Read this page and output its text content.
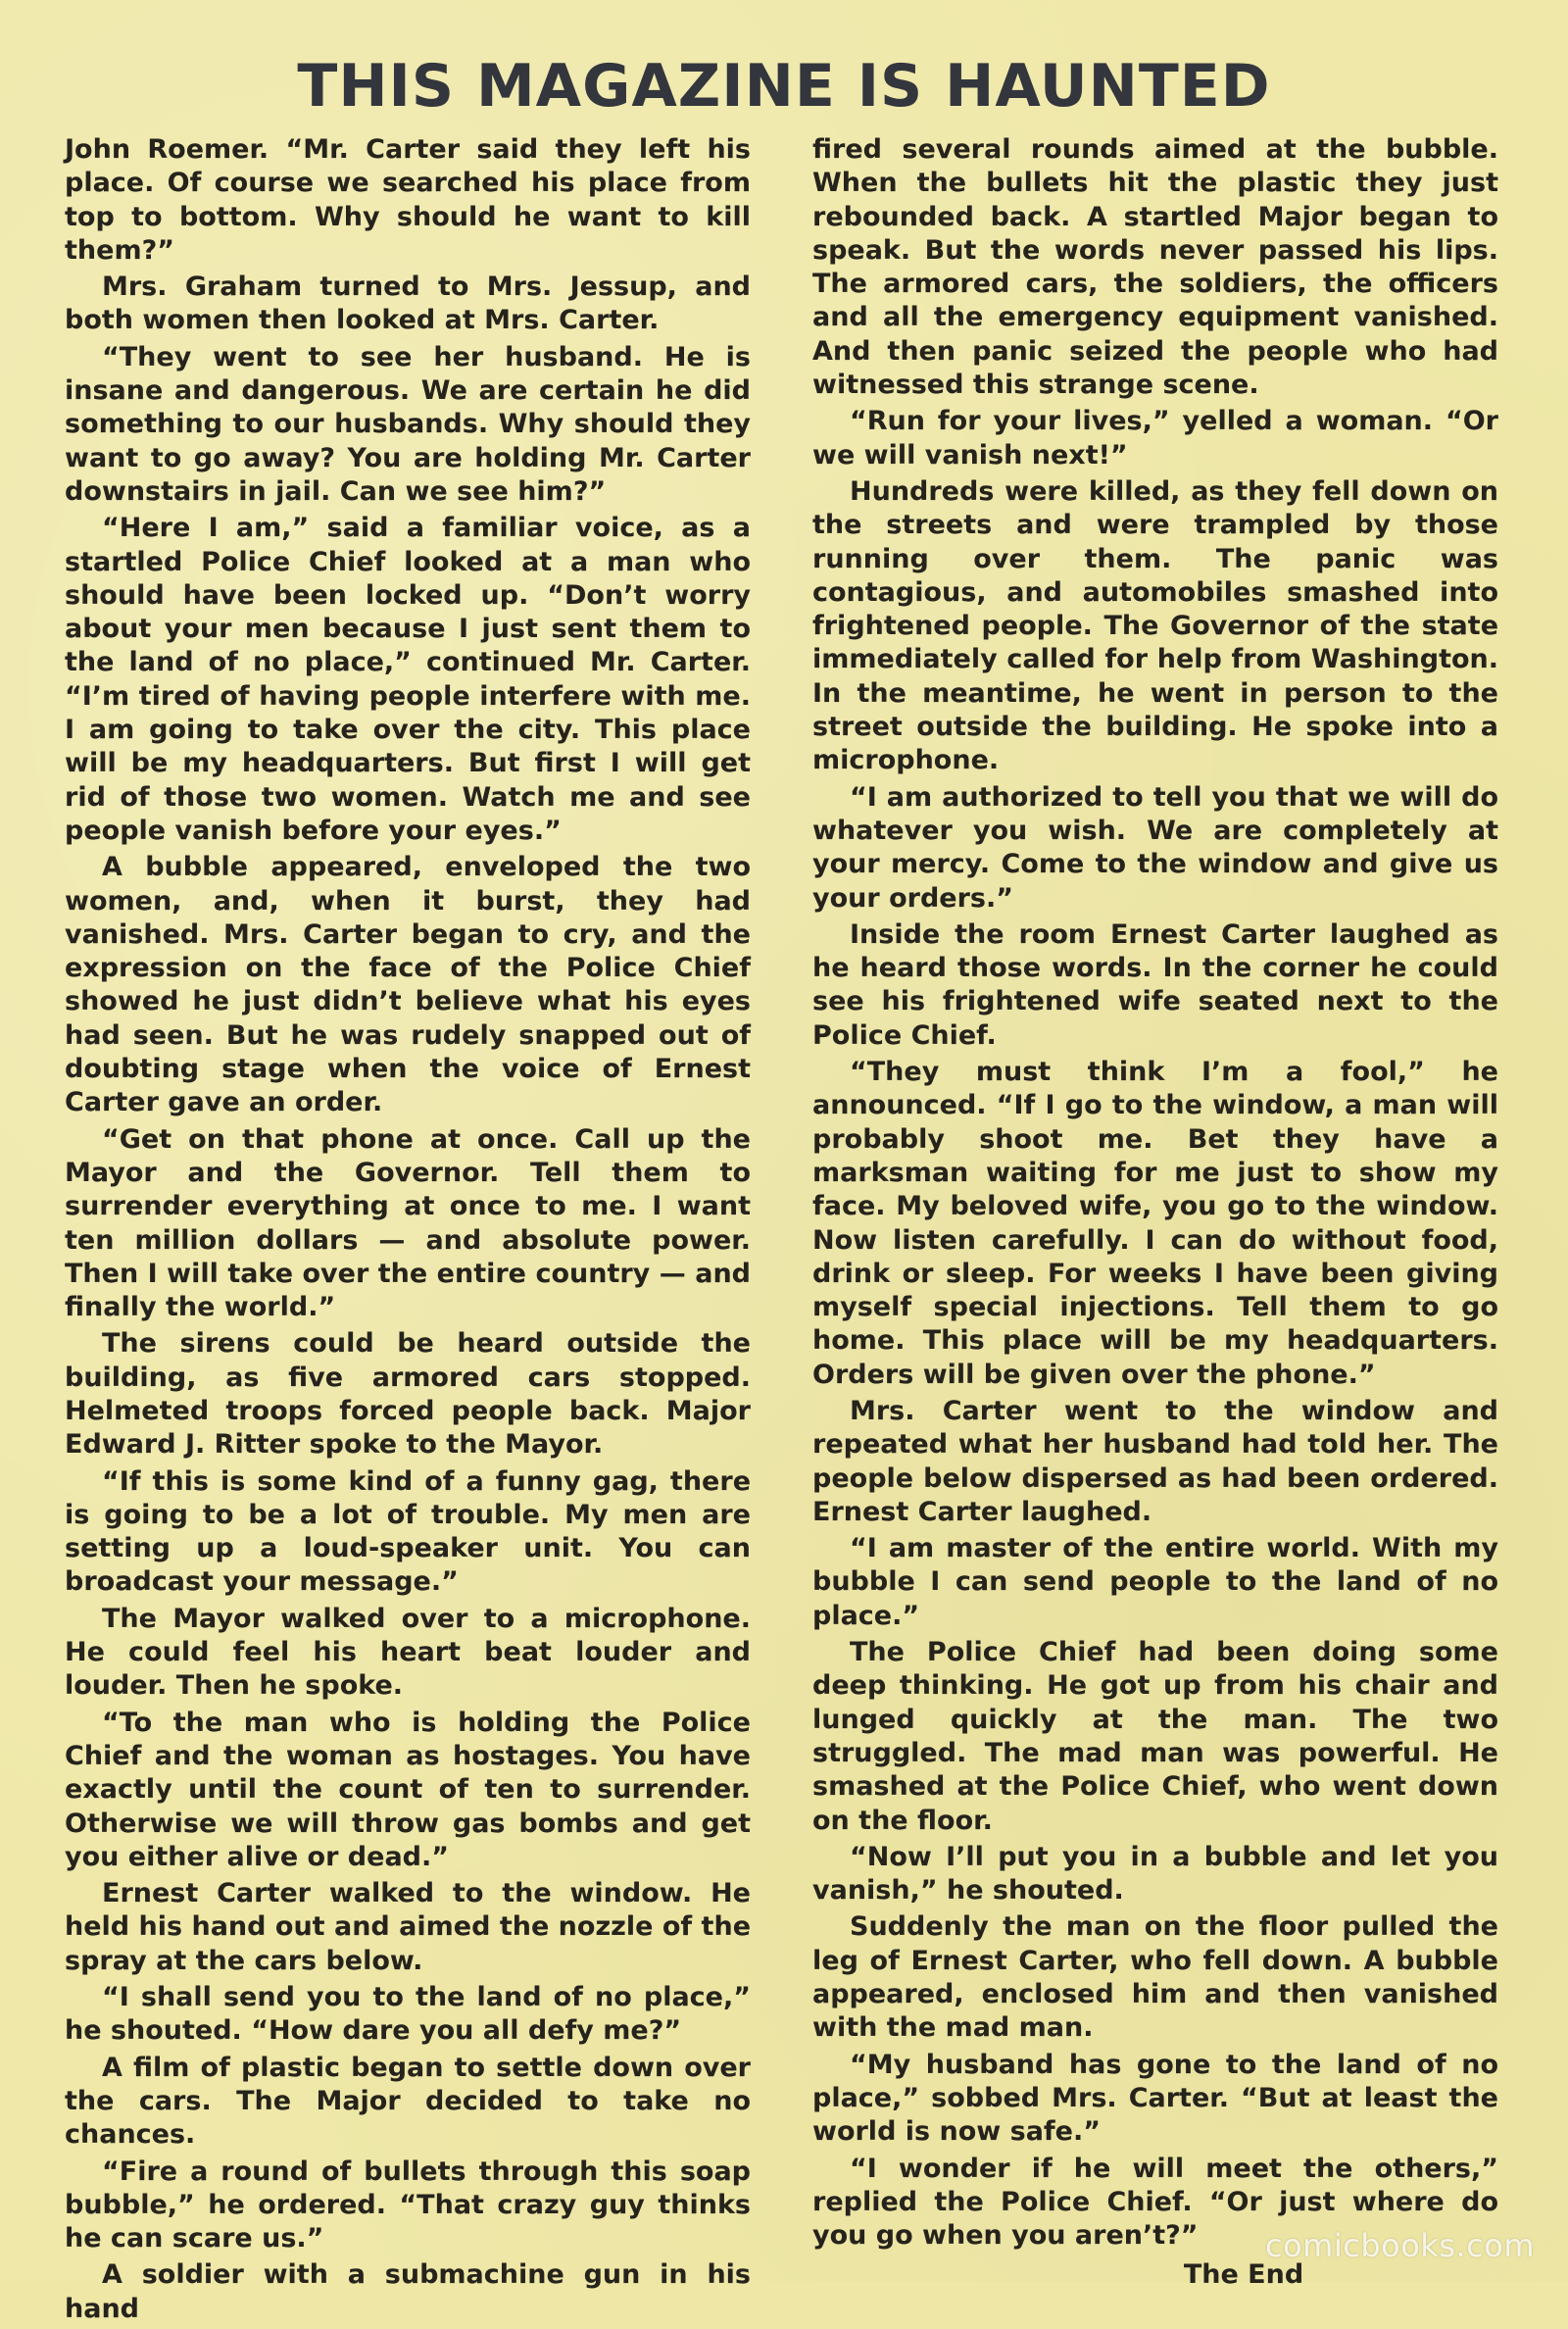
THIS MAGAZINE IS HAUNTED

John Roemer. “Mr. Carter said they left his place. Of course we searched his place from top to bottom. Why should he want to kill them?”

Mrs. Graham turned to Mrs. Jessup, and both women then looked at Mrs. Carter.

“They went to see her husband. He is insane and dangerous. We are certain he did something to our husbands. Why should they want to go away? You are holding Mr. Carter downstairs in jail. Can we see him?”

“Here I am,” said a familiar voice, as a startled Police Chief looked at a man who should have been locked up. “Don’t worry about your men because I just sent them to the land of no place,” continued Mr. Carter. “I’m tired of having people interfere with me. I am going to take over the city. This place will be my headquarters. But first I will get rid of those two women. Watch me and see people vanish before your eyes.”

A bubble appeared, enveloped the two women, and, when it burst, they had vanished. Mrs. Carter began to cry, and the expression on the face of the Police Chief showed he just didn’t believe what his eyes had seen. But he was rudely snapped out of doubting stage when the voice of Ernest Carter gave an order.

“Get on that phone at once. Call up the Mayor and the Governor. Tell them to surrender everything at once to me. I want ten million dollars — and absolute power. Then I will take over the entire country — and finally the world.”

The sirens could be heard outside the building, as five armored cars stopped. Helmeted troops forced people back. Major Edward J. Ritter spoke to the Mayor.

“If this is some kind of a funny gag, there is going to be a lot of trouble. My men are setting up a loud-speaker unit. You can broadcast your message.”

The Mayor walked over to a microphone. He could feel his heart beat louder and louder. Then he spoke.

“To the man who is holding the Police Chief and the woman as hostages. You have exactly until the count of ten to surrender. Otherwise we will throw gas bombs and get you either alive or dead.”

Ernest Carter walked to the window. He held his hand out and aimed the nozzle of the spray at the cars below.

“I shall send you to the land of no place,” he shouted. “How dare you all defy me?”

A film of plastic began to settle down over the cars. The Major decided to take no chances.

“Fire a round of bullets through this soap bubble,” he ordered. “That crazy guy thinks he can scare us.”

A soldier with a submachine gun in his hand

fired several rounds aimed at the bubble. When the bullets hit the plastic they just rebounded back. A startled Major began to speak. But the words never passed his lips. The armored cars, the soldiers, the officers and all the emergency equipment vanished. And then panic seized the people who had witnessed this strange scene.

“Run for your lives,” yelled a woman. “Or we will vanish next!”

Hundreds were killed, as they fell down on the streets and were trampled by those running over them. The panic was contagious, and automobiles smashed into frightened people. The Governor of the state immediately called for help from Washington. In the meantime, he went in person to the street outside the building. He spoke into a microphone.

“I am authorized to tell you that we will do whatever you wish. We are completely at your mercy. Come to the window and give us your orders.”

Inside the room Ernest Carter laughed as he heard those words. In the corner he could see his frightened wife seated next to the Police Chief.

“They must think I’m a fool,” he announced. “If I go to the window, a man will probably shoot me. Bet they have a marksman waiting for me just to show my face. My beloved wife, you go to the window. Now listen carefully. I can do without food, drink or sleep. For weeks I have been giving myself special injections. Tell them to go home. This place will be my headquarters. Orders will be given over the phone.”

Mrs. Carter went to the window and repeated what her husband had told her. The people below dispersed as had been ordered. Ernest Carter laughed.

“I am master of the entire world. With my bubble I can send people to the land of no place.”

The Police Chief had been doing some deep thinking. He got up from his chair and lunged quickly at the man. The two struggled. The mad man was powerful. He smashed at the Police Chief, who went down on the floor.

“Now I’ll put you in a bubble and let you vanish,” he shouted.

Suddenly the man on the floor pulled the leg of Ernest Carter, who fell down. A bubble appeared, enclosed him and then vanished with the mad man.

“My husband has gone to the land of no place,” sobbed Mrs. Carter. “But at least the world is now safe.”

“I wonder if he will meet the others,” replied the Police Chief. “Or just where do you go when you aren’t?”

The End

comicbooks.com
